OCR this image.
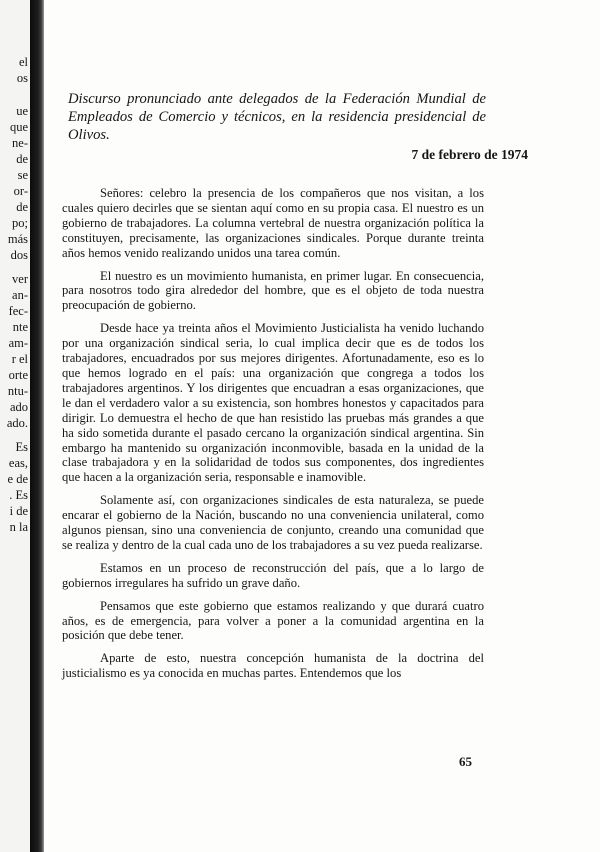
el
os
ue
que
ne-
de
se
or-
de
po;
más
dos
ver
an-
fec-
nte
am-
r el
orte
ntu-
ado
ado.
Es
eas,
e de
. Es
i de
n la
Discurso pronunciado ante delegados de la Federación Mundial de Empleados de Comercio y técnicos, en la residencia presidencial de Olivos.
7 de febrero de 1974

Señores: celebro la presencia de los compañeros que nos visitan, a los cuales quiero decirles que se sientan aquí como en su propia casa. El nuestro es un gobierno de trabajadores. La columna vertebral de nuestra organización política la constituyen, precisamente, las organizaciones sindicales. Porque durante treinta años hemos venido realizando unidos una tarea común.

El nuestro es un movimiento humanista, en primer lugar. En consecuencia, para nosotros todo gira alrededor del hombre, que es el objeto de toda nuestra preocupación de gobierno.

Desde hace ya treinta años el Movimiento Justicialista ha venido luchando por una organización sindical seria, lo cual implica decir que es de todos los trabajadores, encuadrados por sus mejores dirigentes. Afortunadamente, eso es lo que hemos logrado en el país: una organización que congrega a todos los trabajadores argentinos. Y los dirigentes que encuadran a esas organizaciones, que le dan el verdadero valor a su existencia, son hombres honestos y capacitados para dirigir. Lo demuestra el hecho de que han resistido las pruebas más grandes a que ha sido sometida durante el pasado cercano la organización sindical argentina. Sin embargo ha mantenido su organización inconmovible, basada en la unidad de la clase trabajadora y en la solidaridad de todos sus componentes, dos ingredientes que hacen a la organización seria, responsable e inamovible.

Solamente así, con organizaciones sindicales de esta naturaleza, se puede encarar el gobierno de la Nación, buscando no una conveniencia unilateral, como algunos piensan, sino una conveniencia de conjunto, creando una comunidad que se realiza y dentro de la cual cada uno de los trabajadores a su vez pueda realizarse.

Estamos en un proceso de reconstrucción del país, que a lo largo de gobiernos irregulares ha sufrido un grave daño.

Pensamos que este gobierno que estamos realizando y que durará cuatro años, es de emergencia, para volver a poner a la comunidad argentina en la posición que debe tener.

Aparte de esto, nuestra concepción humanista de la doctrina del justicialismo es ya conocida en muchas partes. Entendemos que los

65
